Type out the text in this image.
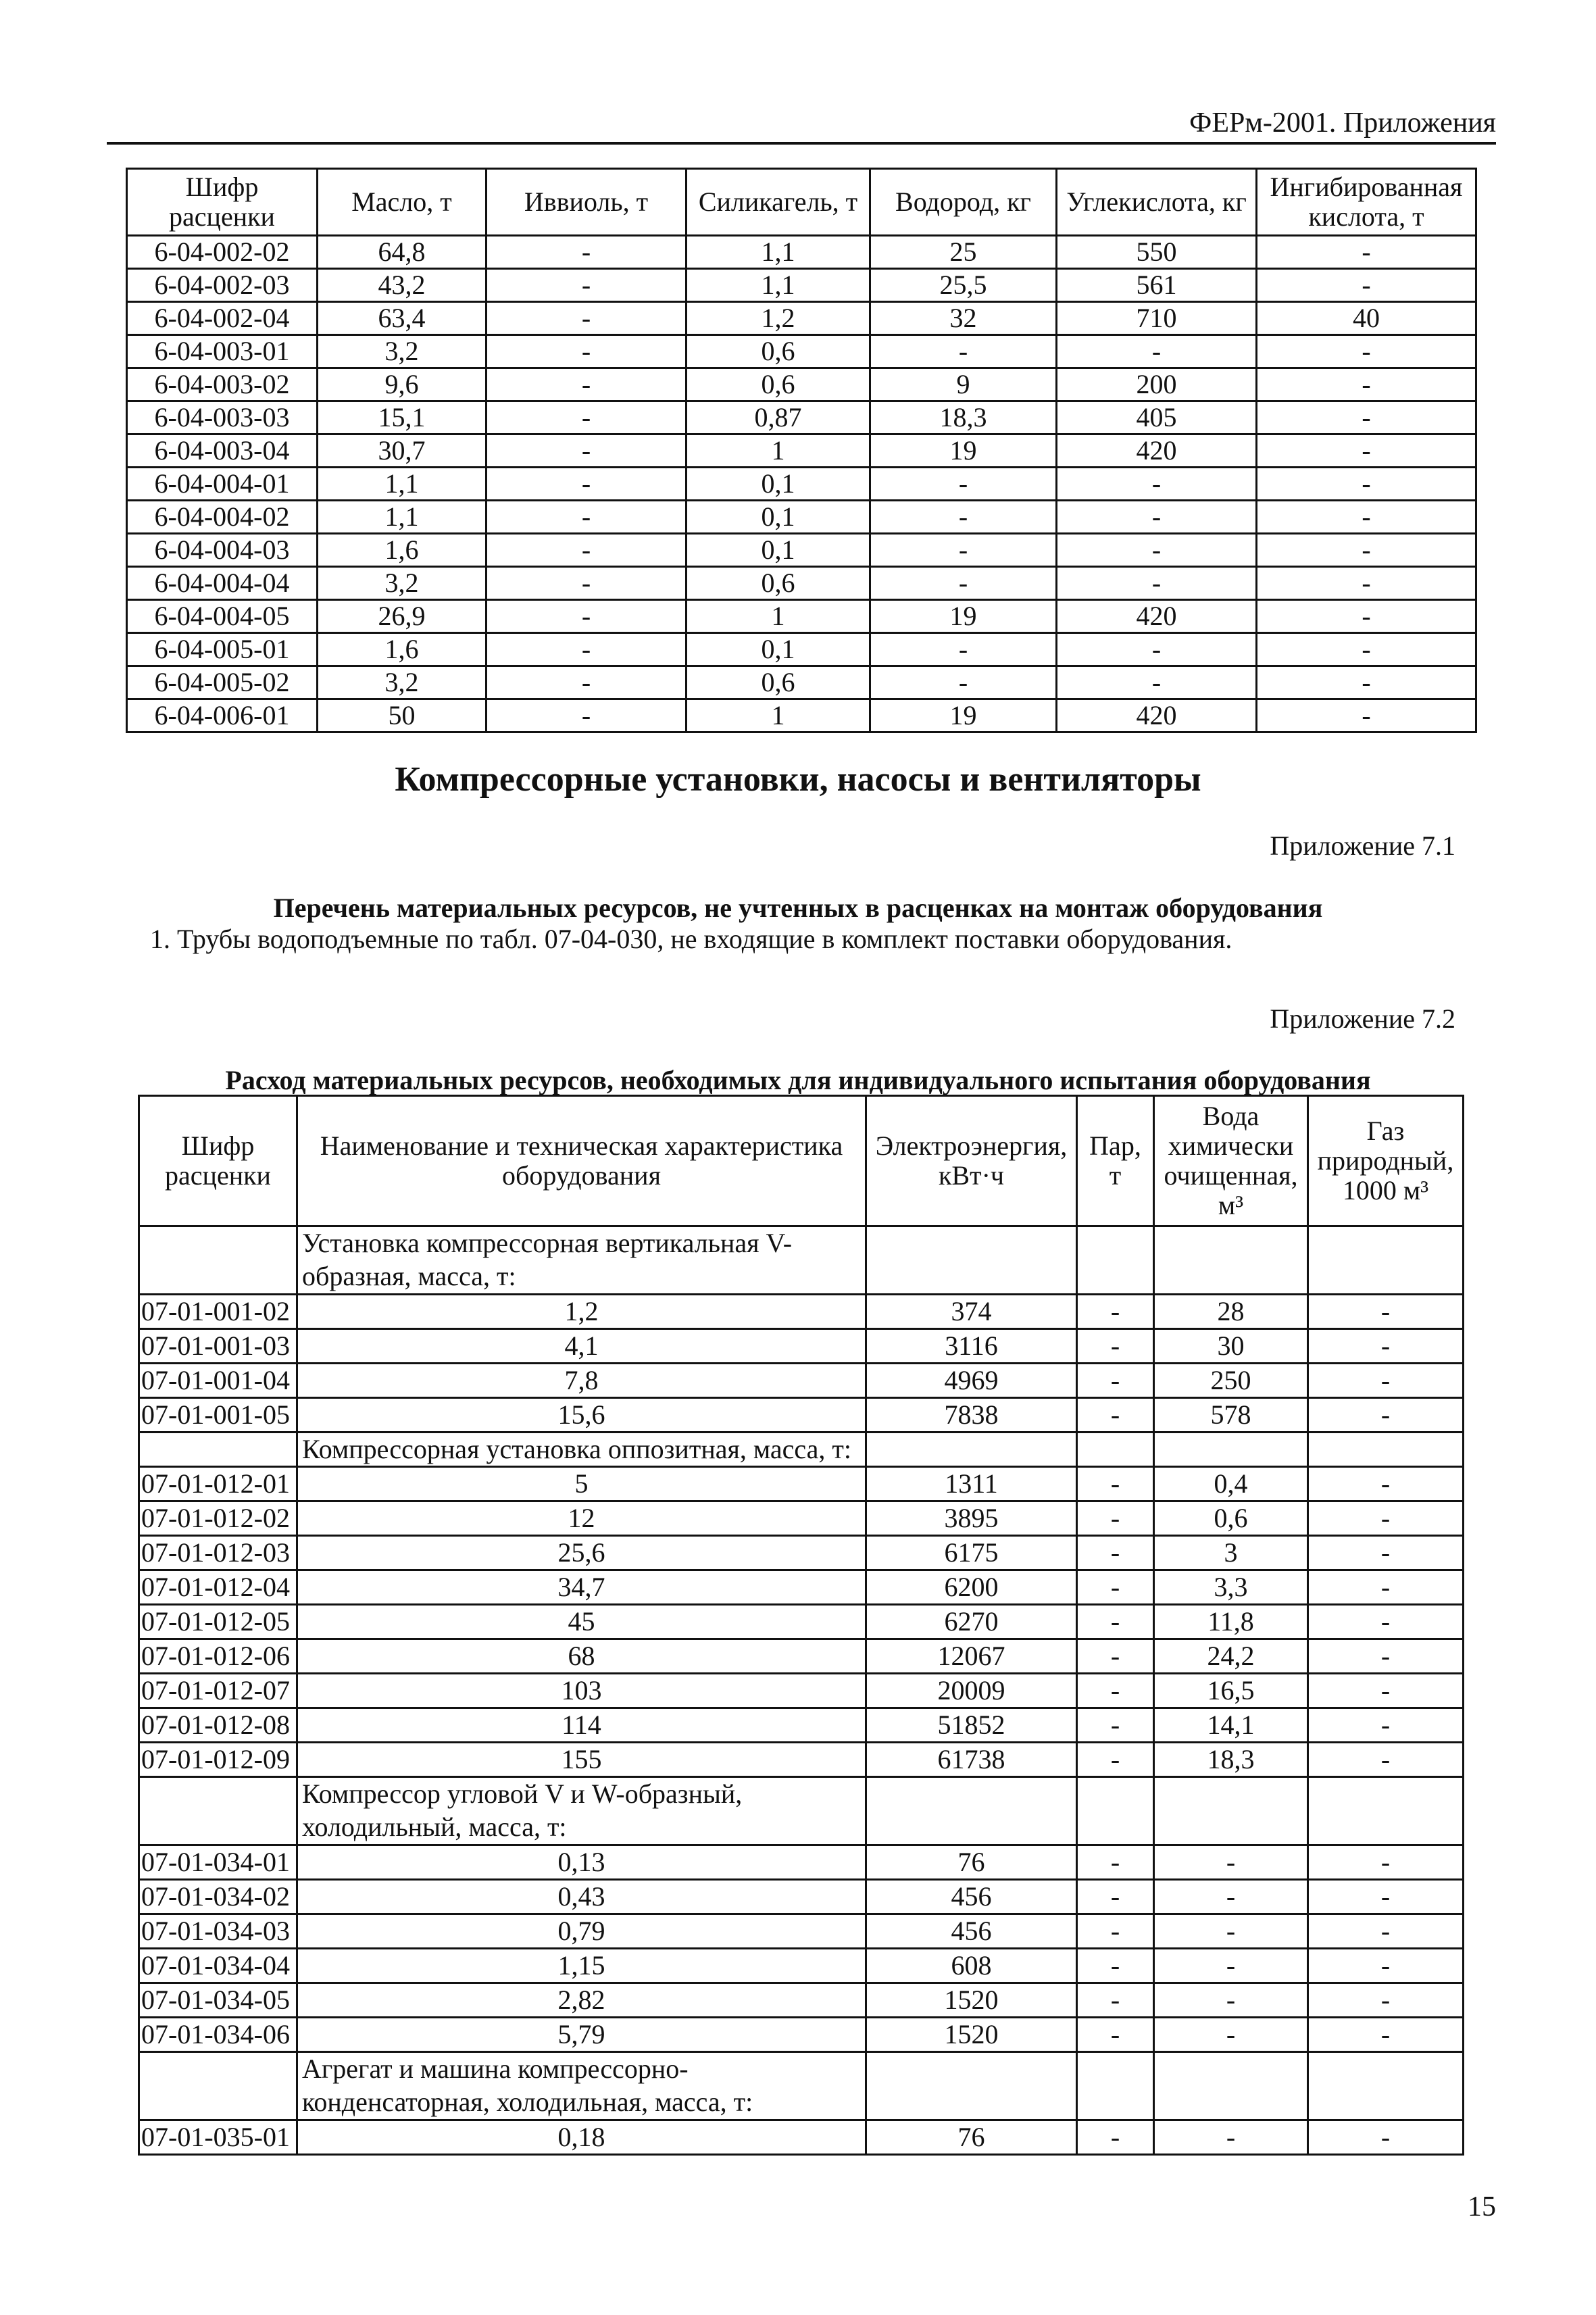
ФЕРм-2001. Приложения
Шифр расценки	Масло, т	Иввиоль, т	Силикагель, т	Водород, кг	Углекислота, кг	Ингибированная кислота, т
6-04-002-02	64,8	-	1,1	25	550	-
6-04-002-03	43,2	-	1,1	25,5	561	-
6-04-002-04	63,4	-	1,2	32	710	40
6-04-003-01	3,2	-	0,6	-	-	-
6-04-003-02	9,6	-	0,6	9	200	-
6-04-003-03	15,1	-	0,87	18,3	405	-
6-04-003-04	30,7	-	1	19	420	-
6-04-004-01	1,1	-	0,1	-	-	-
6-04-004-02	1,1	-	0,1	-	-	-
6-04-004-03	1,6	-	0,1	-	-	-
6-04-004-04	3,2	-	0,6	-	-	-
6-04-004-05	26,9	-	1	19	420	-
6-04-005-01	1,6	-	0,1	-	-	-
6-04-005-02	3,2	-	0,6	-	-	-
6-04-006-01	50	-	1	19	420	-
Компрессорные установки, насосы и вентиляторы
Приложение 7.1
Перечень материальных ресурсов, не учтенных в расценках на монтаж оборудования
1. Трубы водоподъемные по табл. 07-04-030, не входящие в комплект поставки оборудования.
Приложение 7.2
Расход материальных ресурсов, необходимых для индивидуального испытания оборудования
Шифр расценки	Наименование и техническая характеристика оборудования	Электроэнергия, кВт·ч	Пар, т	Вода химически очищенная, м³	Газ природный, 1000 м³
	Установка компрессорная вертикальная V-образная, масса, т:				
07-01-001-02	1,2	374	-	28	-
07-01-001-03	4,1	3116	-	30	-
07-01-001-04	7,8	4969	-	250	-
07-01-001-05	15,6	7838	-	578	-
	Компрессорная установка оппозитная, масса, т:				
07-01-012-01	5	1311	-	0,4	-
07-01-012-02	12	3895	-	0,6	-
07-01-012-03	25,6	6175	-	3	-
07-01-012-04	34,7	6200	-	3,3	-
07-01-012-05	45	6270	-	11,8	-
07-01-012-06	68	12067	-	24,2	-
07-01-012-07	103	20009	-	16,5	-
07-01-012-08	114	51852	-	14,1	-
07-01-012-09	155	61738	-	18,3	-
	Компрессор угловой V и W-образный, холодильный, масса, т:				
07-01-034-01	0,13	76	-	-	-
07-01-034-02	0,43	456	-	-	-
07-01-034-03	0,79	456	-	-	-
07-01-034-04	1,15	608	-	-	-
07-01-034-05	2,82	1520	-	-	-
07-01-034-06	5,79	1520	-	-	-
	Агрегат и машина компрессорно-конденсаторная, холодильная, масса, т:				
07-01-035-01	0,18	76	-	-	-
15
